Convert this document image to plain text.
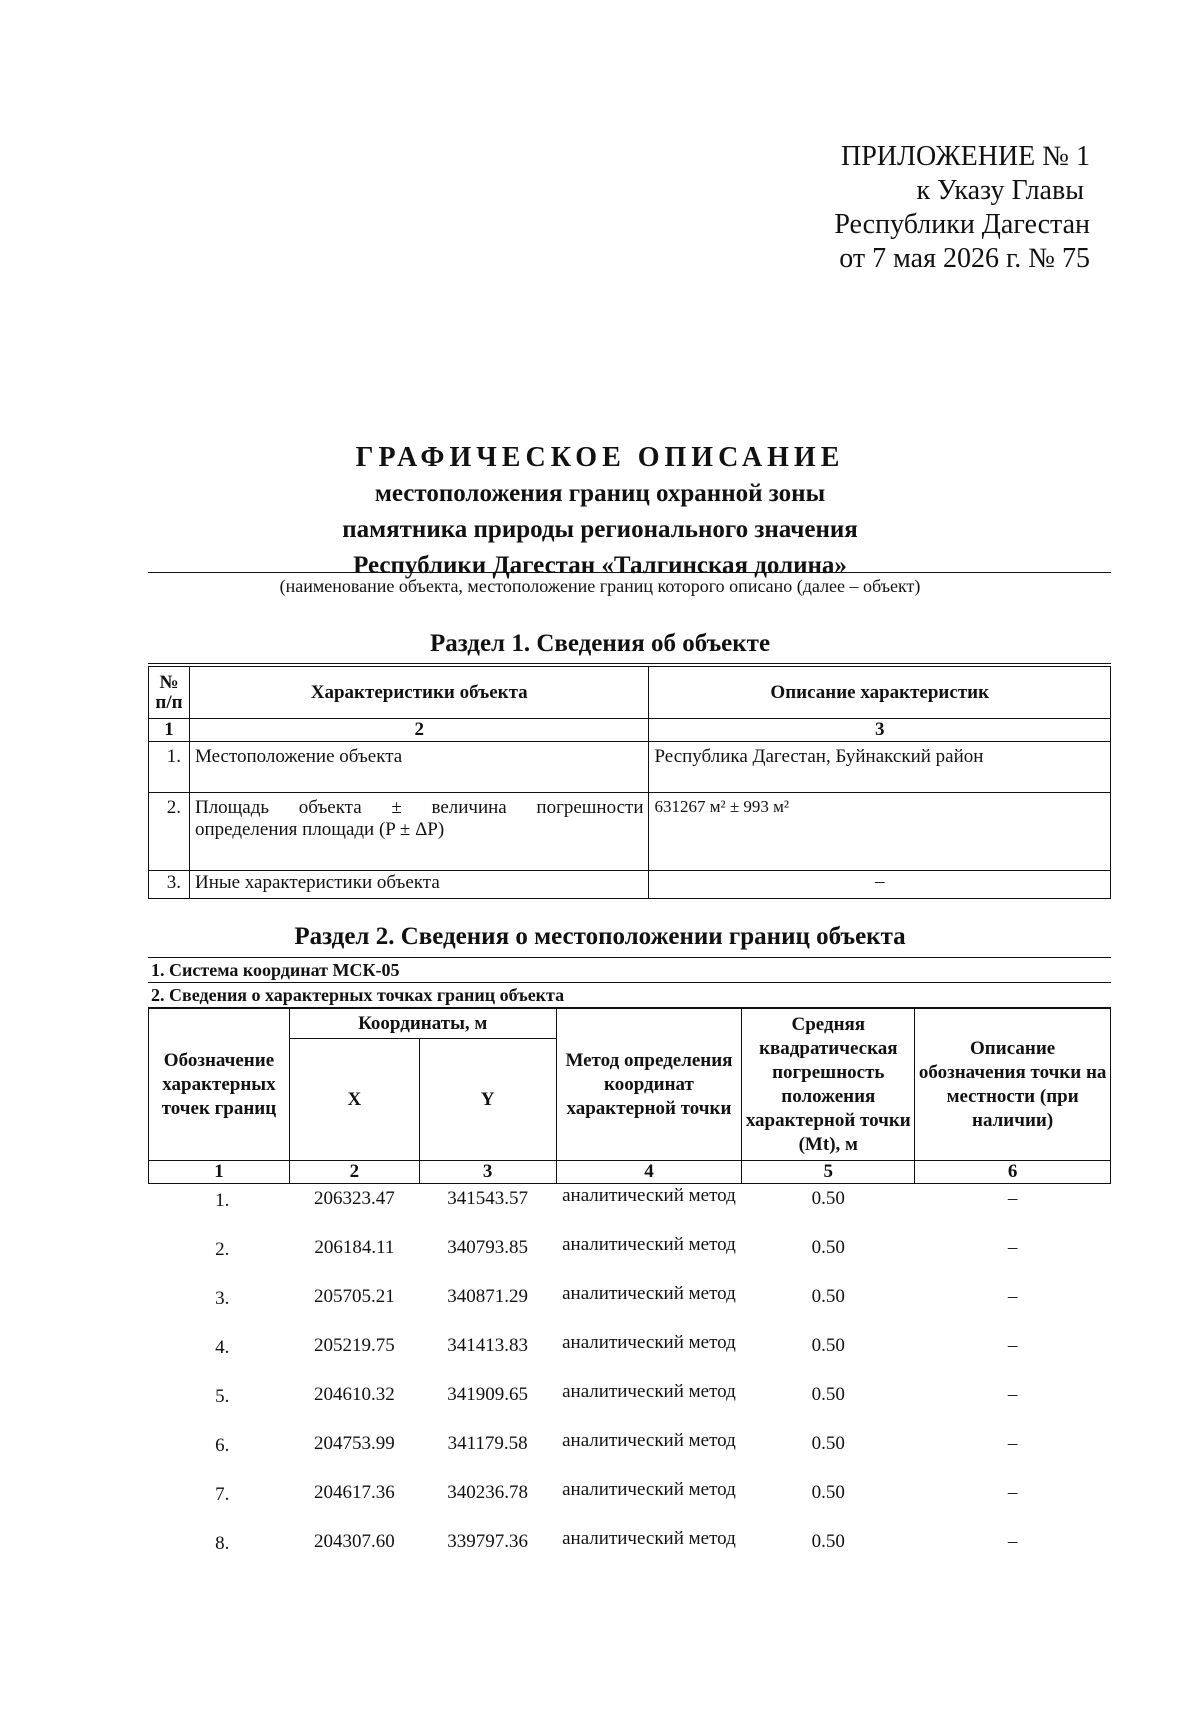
ПРИЛОЖЕНИЕ № 1
к Указу Главы
Республики Дагестан
от 7 мая 2026 г. № 75
ГРАФИЧЕСКОЕ ОПИСАНИЕ
местоположения границ охранной зоны
памятника природы регионального значения
Республики Дагестан «Талгинская долина»
(наименование объекта, местоположение границ которого описано (далее – объект)
Раздел 1. Сведения об объекте
№ п/п	Характеристики объекта	Описание характеристик
1	2	3
1.	Местоположение объекта	Республика Дагестан, Буйнакский район
2.	Площадь объекта ± величина погрешности определения площади (P ± ΔP)	631267 м² ± 993 м²
3.	Иные характеристики объекта	–
Раздел 2. Сведения о местоположении границ объекта
1. Система координат МСК-05
2. Сведения о характерных точках границ объекта
Обозначение характерных точек границ	Координаты, м		Метод определения координат характерной точки	Средняя квадратическая погрешность положения характерной точки (Mt), м	Описание обозначения точки на местности (при наличии)
	X	Y			
1	2	3	4	5	6
1.	206323.47	341543.57	аналитический метод	0.50	–
2.	206184.11	340793.85	аналитический метод	0.50	–
3.	205705.21	340871.29	аналитический метод	0.50	–
4.	205219.75	341413.83	аналитический метод	0.50	–
5.	204610.32	341909.65	аналитический метод	0.50	–
6.	204753.99	341179.58	аналитический метод	0.50	–
7.	204617.36	340236.78	аналитический метод	0.50	–
8.	204307.60	339797.36	аналитический метод	0.50	–
